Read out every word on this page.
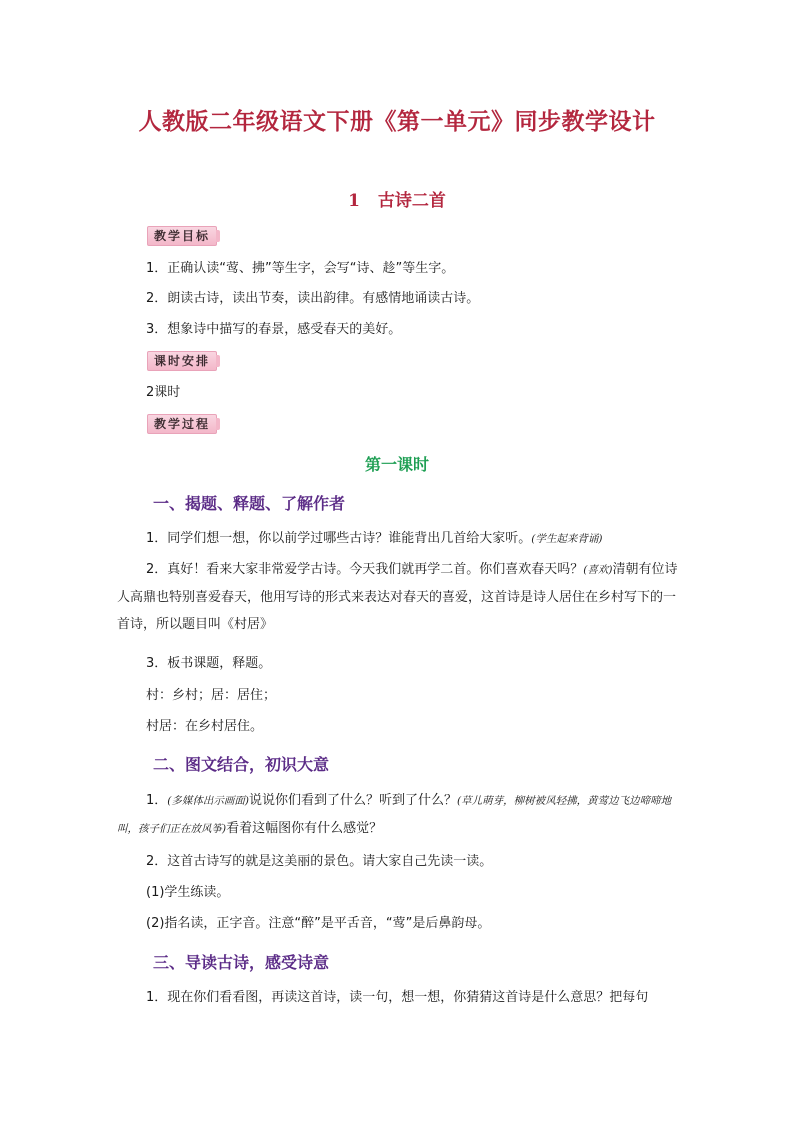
人教版二年级语文下册《第一单元》同步教学设计
1 古诗二首
教学目标
1．正确认读“莺、拂”等生字，会写“诗、趁”等生字。
2．朗读古诗，读出节奏，读出韵律。有感情地诵读古诗。
3．想象诗中描写的春景，感受春天的美好。
课时安排
2课时
教学过程
第一课时
一、揭题、释题、了解作者
1．同学们想一想，你以前学过哪些古诗？谁能背出几首给大家听。(学生起来背诵)
2．真好！看来大家非常爱学古诗。今天我们就再学二首。你们喜欢春天吗？(喜欢)清朝有位诗人高鼎也特别喜爱春天，他用写诗的形式来表达对春天的喜爱，这首诗是诗人居住在乡村写下的一首诗，所以题目叫《村居》
3．板书课题，释题。
村：乡村；居：居住；
村居：在乡村居住。
二、图文结合，初识大意
1．(多媒体出示画面)说说你们看到了什么？听到了什么？(草儿萌芽，柳树被风轻拂，黄莺边飞边啼啼地叫，孩子们正在放风筝)看着这幅图你有什么感觉？
2．这首古诗写的就是这美丽的景色。请大家自己先读一读。
(1)学生练读。
(2)指名读，正字音。注意“醉”是平舌音，“莺”是后鼻韵母。
三、导读古诗，感受诗意
1．现在你们看看图，再读这首诗，读一句，想一想，你猜猜这首诗是什么意思？把每句
